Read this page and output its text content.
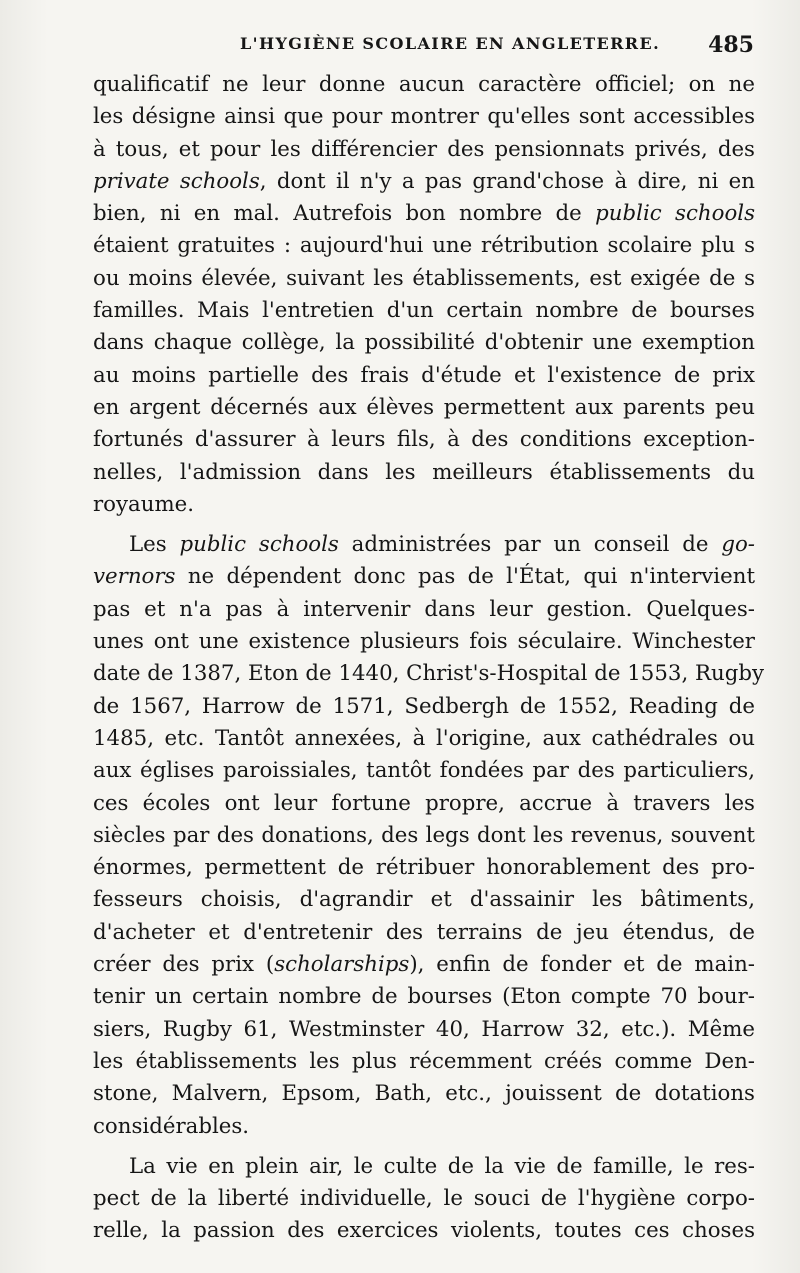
L'HYGIÈNE SCOLAIRE EN ANGLETERRE. 485
qualificatif ne leur donne aucun caractère officiel; on ne
les désigne ainsi que pour montrer qu'elles sont accessibles
à tous, et pour les différencier des pensionnats privés, des
private schools, dont il n'y a pas grand'chose à dire, ni en
bien, ni en mal. Autrefois bon nombre de public schools
étaient gratuites : aujourd'hui une rétribution scolaire plu s
ou moins élevée, suivant les établissements, est exigée de s
familles. Mais l'entretien d'un certain nombre de bourses
dans chaque collège, la possibilité d'obtenir une exemption
au moins partielle des frais d'étude et l'existence de prix
en argent décernés aux élèves permettent aux parents peu
fortunés d'assurer à leurs fils, à des conditions exception-
nelles, l'admission dans les meilleurs établissements du
royaume.
Les public schools administrées par un conseil de go-
vernors ne dépendent donc pas de l'État, qui n'intervient
pas et n'a pas à intervenir dans leur gestion. Quelques-
unes ont une existence plusieurs fois séculaire. Winchester
date de 1387, Eton de 1440, Christ's-Hospital de 1553, Rugby
de 1567, Harrow de 1571, Sedbergh de 1552, Reading de
1485, etc. Tantôt annexées, à l'origine, aux cathédrales ou
aux églises paroissiales, tantôt fondées par des particuliers,
ces écoles ont leur fortune propre, accrue à travers les
siècles par des donations, des legs dont les revenus, souvent
énormes, permettent de rétribuer honorablement des pro-
fesseurs choisis, d'agrandir et d'assainir les bâtiments,
d'acheter et d'entretenir des terrains de jeu étendus, de
créer des prix (scholarships), enfin de fonder et de main-
tenir un certain nombre de bourses (Eton compte 70 bour-
siers, Rugby 61, Westminster 40, Harrow 32, etc.). Même
les établissements les plus récemment créés comme Den-
stone, Malvern, Epsom, Bath, etc., jouissent de dotations
considérables.
La vie en plein air, le culte de la vie de famille, le res-
pect de la liberté individuelle, le souci de l'hygiène corpo-
relle, la passion des exercices violents, toutes ces choses
